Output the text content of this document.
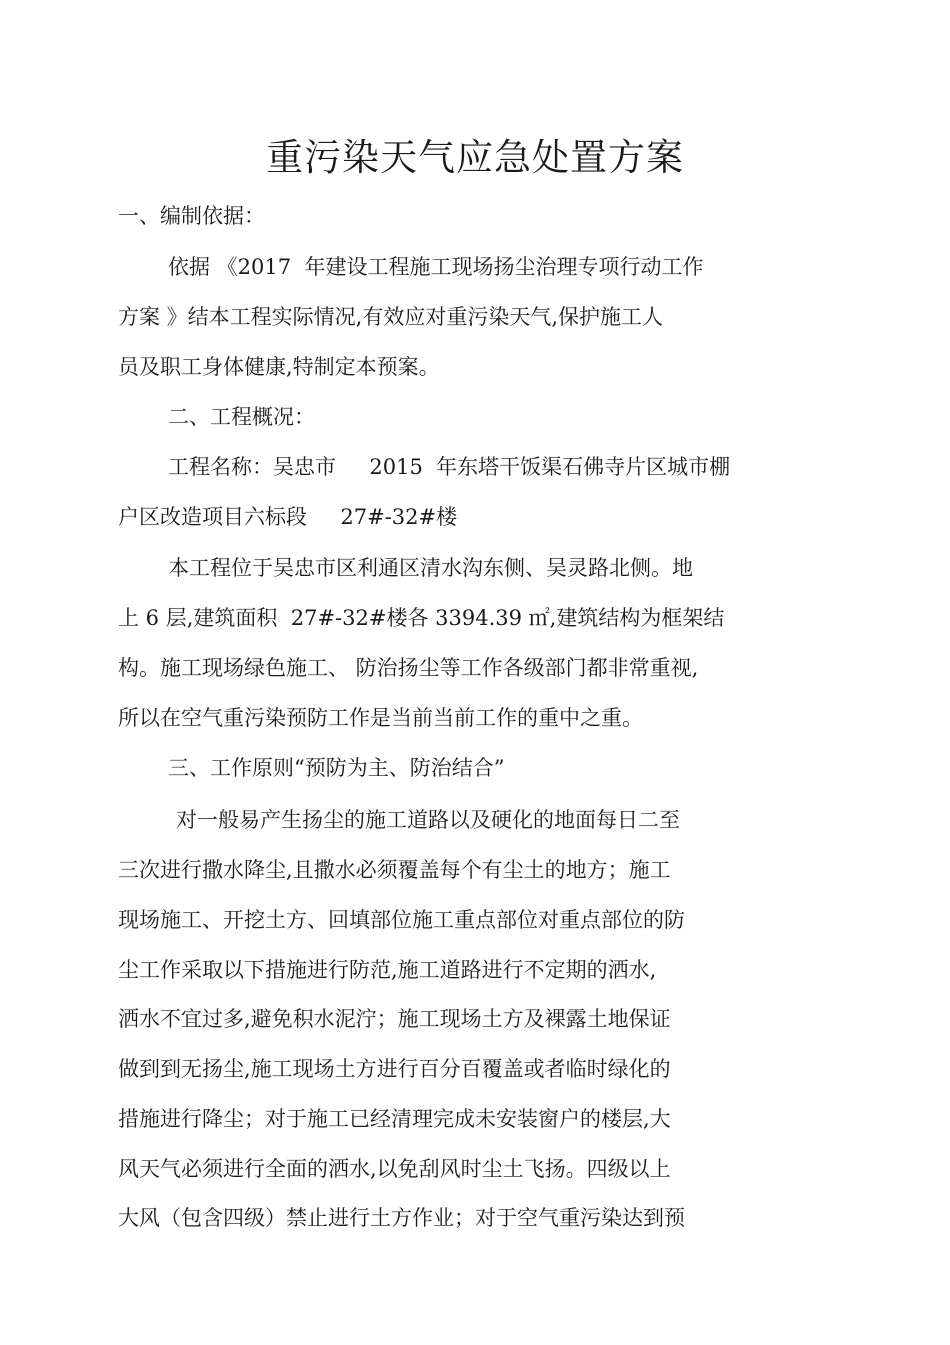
重污染天气应急处置方案
一、编制依据：
依据 《2017  年建设工程施工现场扬尘治理专项行动工作
方案 》结本工程实际情况,有效应对重污染天气,保护施工人
员及职工身体健康,特制定本预案。
二、工程概况：
工程名称：吴忠市     2015  年东塔干饭渠石佛寺片区城市棚
户区改造项目六标段     27#-32#楼
本工程位于吴忠市区利通区清水沟东侧、吴灵路北侧。地
上 6 层,建筑面积  27#-32#楼各 3394.39 ㎡,建筑结构为框架结
构。施工现场绿色施工、 防治扬尘等工作各级部门都非常重视,
所以在空气重污染预防工作是当前当前工作的重中之重。
三、工作原则“预防为主、防治结合”
对一般易产生扬尘的施工道路以及硬化的地面每日二至
三次进行撒水降尘,且撒水必须覆盖每个有尘土的地方；施工
现场施工、开挖土方、回填部位施工重点部位对重点部位的防
尘工作采取以下措施进行防范,施工道路进行不定期的洒水,
洒水不宜过多,避免积水泥泞；施工现场土方及裸露土地保证
做到到无扬尘,施工现场土方进行百分百覆盖或者临时绿化的
措施进行降尘；对于施工已经清理完成未安装窗户的楼层,大
风天气必须进行全面的洒水,以免刮风时尘土飞扬。四级以上
大风（包含四级）禁止进行土方作业；对于空气重污染达到预
